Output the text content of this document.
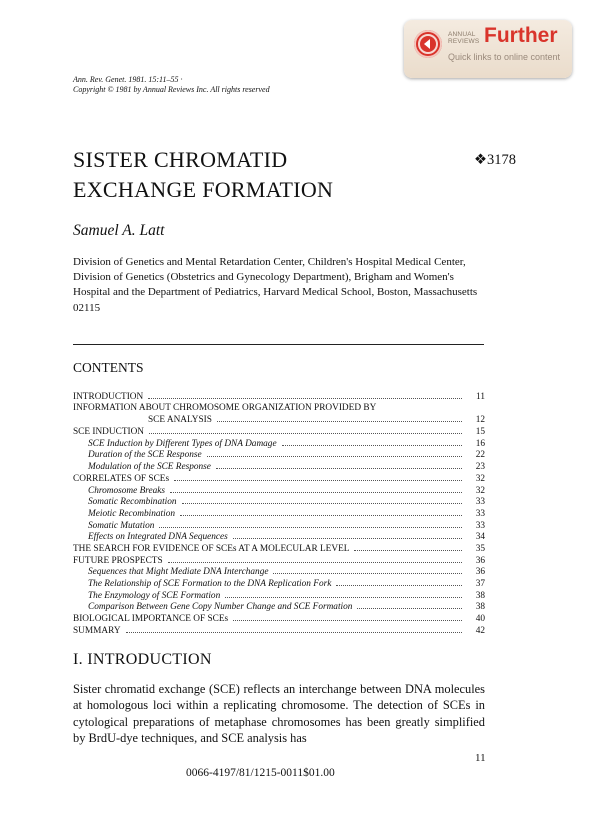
ANNUAL
REVIEWS Further
Quick links to online content
Ann. Rev. Genet. 1981. 15:11–55 ·
Copyright © 1981 by Annual Reviews Inc. All rights reserved
SISTER CHROMATID
EXCHANGE FORMATION
❖3178
Samuel A. Latt
Division of Genetics and Mental Retardation Center, Children's Hospital Medical Center, Division of Genetics (Obstetrics and Gynecology Department), Brigham and Women's Hospital and the Department of Pediatrics, Harvard Medical School, Boston, Massachusetts 02115
CONTENTS
INTRODUCTION	11
INFORMATION ABOUT CHROMOSOME ORGANIZATION PROVIDED BY
SCE ANALYSIS	12
SCE INDUCTION	15
SCE Induction by Different Types of DNA Damage	16
Duration of the SCE Response	22
Modulation of the SCE Response	23
CORRELATES OF SCEs	32
Chromosome Breaks	32
Somatic Recombination	33
Meiotic Recombination	33
Somatic Mutation	33
Effects on Integrated DNA Sequences	34
THE SEARCH FOR EVIDENCE OF SCEs AT A MOLECULAR LEVEL	35
FUTURE PROSPECTS	36
Sequences that Might Mediate DNA Interchange	36
The Relationship of SCE Formation to the DNA Replication Fork	37
The Enzymology of SCE Formation	38
Comparison Between Gene Copy Number Change and SCE Formation	38
BIOLOGICAL IMPORTANCE OF SCEs	40
SUMMARY	42
I. INTRODUCTION
Sister chromatid exchange (SCE) reflects an interchange between DNA molecules at homologous loci within a replicating chromosome. The detection of SCEs in cytological preparations of metaphase chromosomes has been greatly simplified by BrdU-dye techniques, and SCE analysis has
11
0066-4197/81/1215-0011$01.00
